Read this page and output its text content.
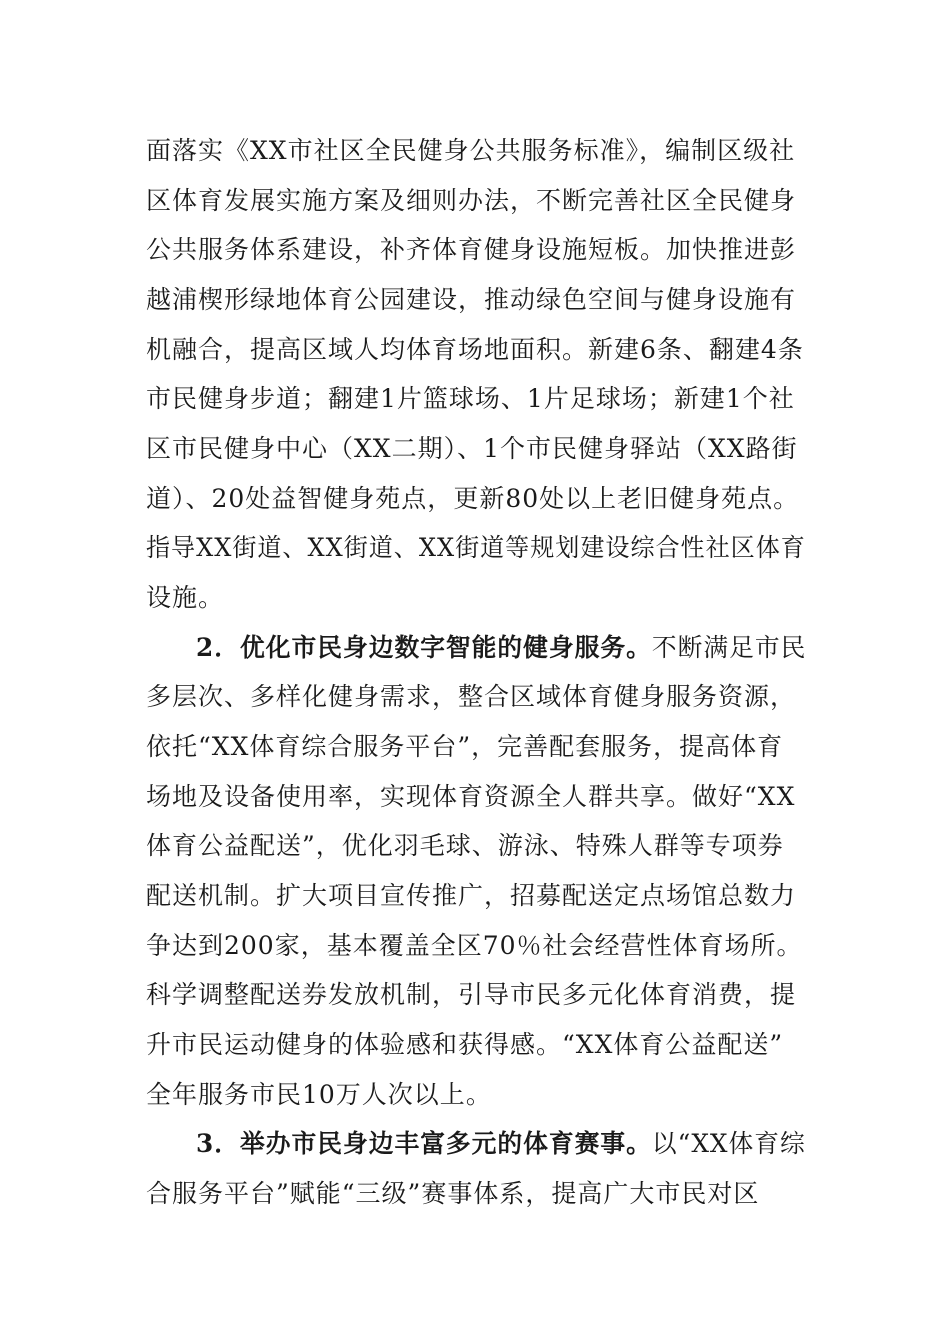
面落实《XX市社区全民健身公共服务标准》，编制区级社
区体育发展实施方案及细则办法，不断完善社区全民健身
公共服务体系建设，补齐体育健身设施短板。加快推进彭
越浦楔形绿地体育公园建设，推动绿色空间与健身设施有
机融合，提高区域人均体育场地面积。新建6条、翻建4条
市民健身步道；翻建1片篮球场、1片足球场；新建1个社
区市民健身中心（XX二期）、1个市民健身驿站（XX路街
道）、20处益智健身苑点，更新80处以上老旧健身苑点。
指导XX街道、XX街道、XX街道等规划建设综合性社区体育
设施。
2．优化市民身边数字智能的健身服务。不断满足市民
多层次、多样化健身需求，整合区域体育健身服务资源，
依托“XX体育综合服务平台”，完善配套服务，提高体育
场地及设备使用率，实现体育资源全人群共享。做好“XX
体育公益配送”，优化羽毛球、游泳、特殊人群等专项券
配送机制。扩大项目宣传推广，招募配送定点场馆总数力
争达到200家，基本覆盖全区70％社会经营性体育场所。
科学调整配送券发放机制，引导市民多元化体育消费，提
升市民运动健身的体验感和获得感。“XX体育公益配送”
全年服务市民10万人次以上。
3．举办市民身边丰富多元的体育赛事。以“XX体育综
合服务平台”赋能“三级”赛事体系，提高广大市民对区
